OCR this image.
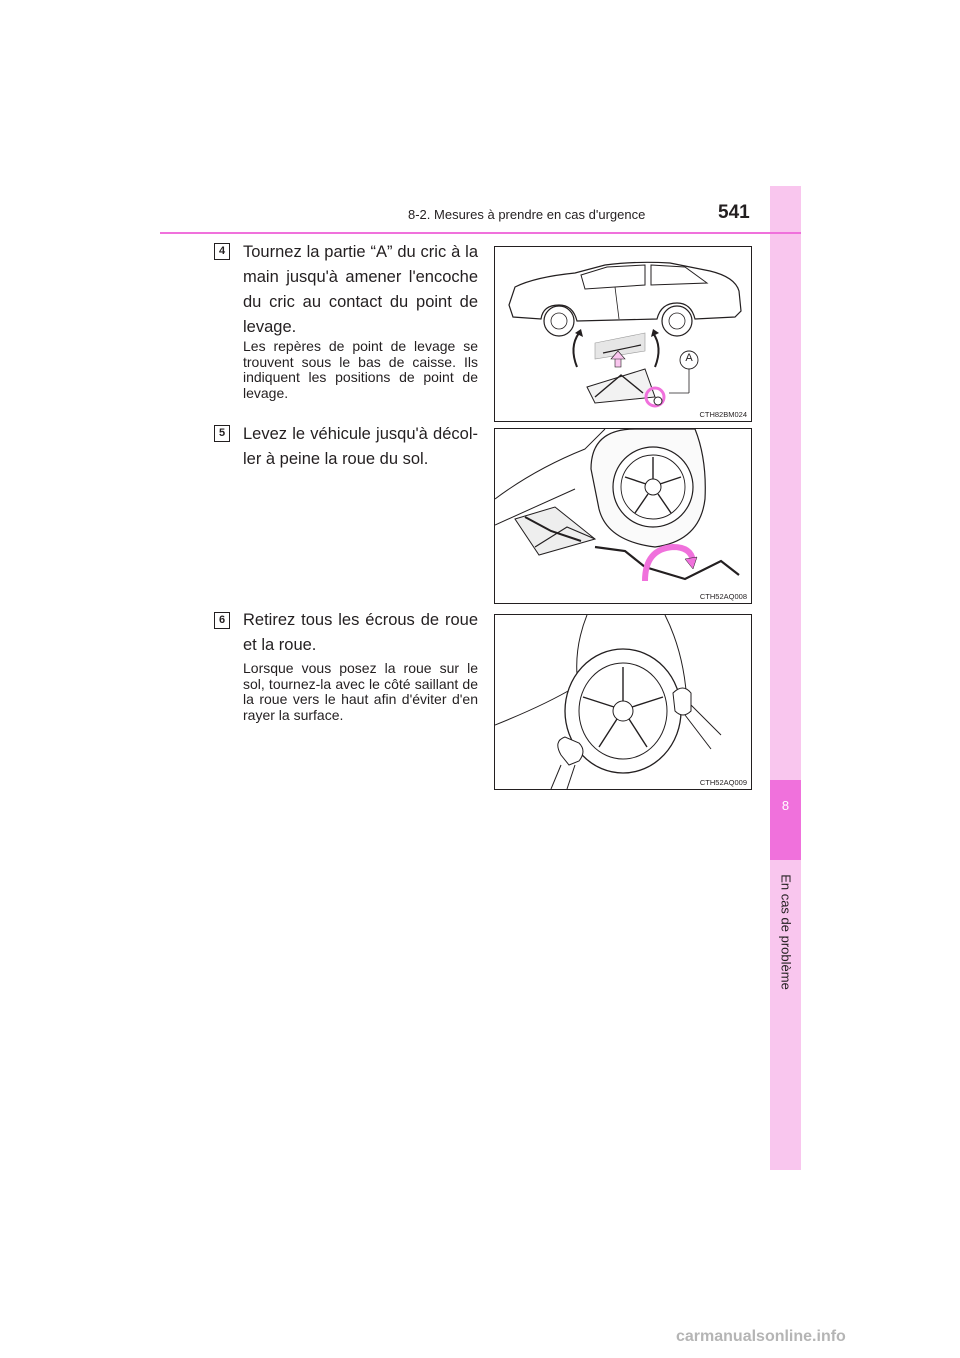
8
En cas de problème
8-2. Mesures à prendre en cas d'urgence	541
4 Tournez la partie “A” du cric à la main jusqu'à amener l'encoche du cric au contact du point de levage.
Les repères de point de levage se trouvent sous le bas de caisse. Ils indiquent les positions de point de levage.
A
CTH82BM024
5 Levez le véhicule jusqu'à décol-ler à peine la roue du sol.
CTH52AQ008
6 Retirez tous les écrous de roue et la roue.
Lorsque vous posez la roue sur le sol, tournez-la avec le côté saillant de la roue vers le haut afin d'éviter d'en rayer la surface.
CTH52AQ009
carmanualsonline.info
